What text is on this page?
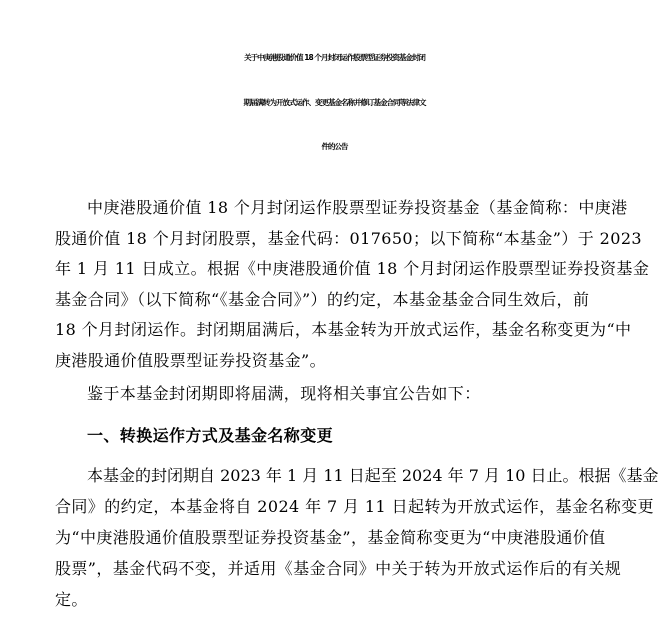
关于中庚港股通价值 18 个月封闭运作股票型证券投资基金封闭
期届满转为开放式运作、变更基金名称并修订基金合同等法律文
件的公告
中庚港股通价值 18 个月封闭运作股票型证券投资基金（基金简称：中庚港
股通价值 18 个月封闭股票，基金代码：017650；以下简称“本基金”）于 2023
年 1 月 11 日成立。根据《中庚港股通价值 18 个月封闭运作股票型证券投资基金
基金合同》（以下简称“《基金合同》”）的约定，本基金基金合同生效后，前
18 个月封闭运作。封闭期届满后，本基金转为开放式运作，基金名称变更为“中
庚港股通价值股票型证券投资基金”。
鉴于本基金封闭期即将届满，现将相关事宜公告如下：
一、转换运作方式及基金名称变更
本基金的封闭期自 2023 年 1 月 11 日起至 2024 年 7 月 10 日止。根据《基金
合同》的约定，本基金将自 2024 年 7 月 11 日起转为开放式运作，基金名称变更
为“中庚港股通价值股票型证券投资基金”，基金简称变更为“中庚港股通价值
股票”，基金代码不变，并适用《基金合同》中关于转为开放式运作后的有关规
定。
